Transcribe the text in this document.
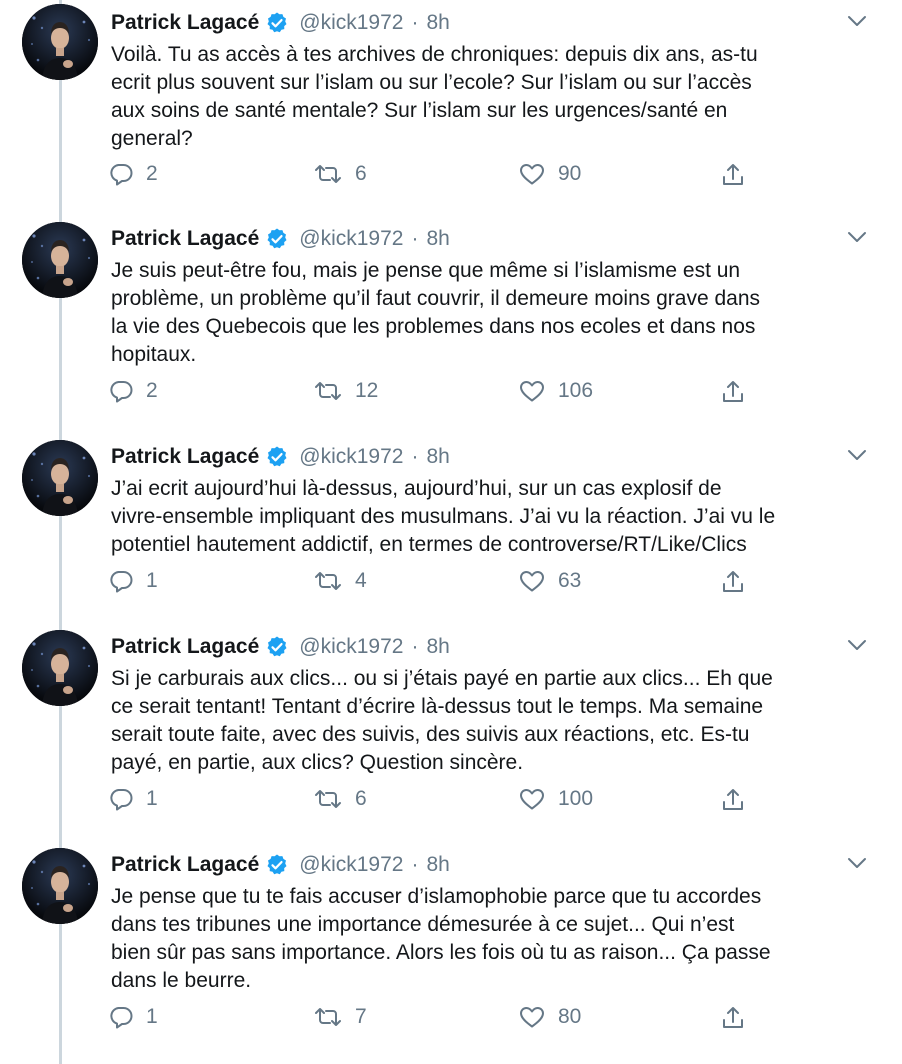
Patrick Lagacé @kick1972 · 8h
Voilà. Tu as accès à tes archives de chroniques: depuis dix ans, as-tu
ecrit plus souvent sur l’islam ou sur l’ecole? Sur l’islam ou sur l’accès
aux soins de santé mentale? Sur l’islam sur les urgences/santé en
general?
2	6	90
Patrick Lagacé @kick1972 · 8h
Je suis peut-être fou, mais je pense que même si l’islamisme est un
problème, un problème qu’il faut couvrir, il demeure moins grave dans
la vie des Quebecois que les problemes dans nos ecoles et dans nos
hopitaux.
2	12	106
Patrick Lagacé @kick1972 · 8h
J’ai ecrit aujourd’hui là-dessus, aujourd’hui, sur un cas explosif de
vivre-ensemble impliquant des musulmans. J’ai vu la réaction. J’ai vu le
potentiel hautement addictif, en termes de controverse/RT/Like/Clics
1	4	63
Patrick Lagacé @kick1972 · 8h
Si je carburais aux clics... ou si j’étais payé en partie aux clics... Eh que
ce serait tentant! Tentant d’écrire là-dessus tout le temps. Ma semaine
serait toute faite, avec des suivis, des suivis aux réactions, etc. Es-tu
payé, en partie, aux clics? Question sincère.
1	6	100
Patrick Lagacé @kick1972 · 8h
Je pense que tu te fais accuser d’islamophobie parce que tu accordes
dans tes tribunes une importance démesurée à ce sujet... Qui n’est
bien sûr pas sans importance. Alors les fois où tu as raison... Ça passe
dans le beurre.
1	7	80
